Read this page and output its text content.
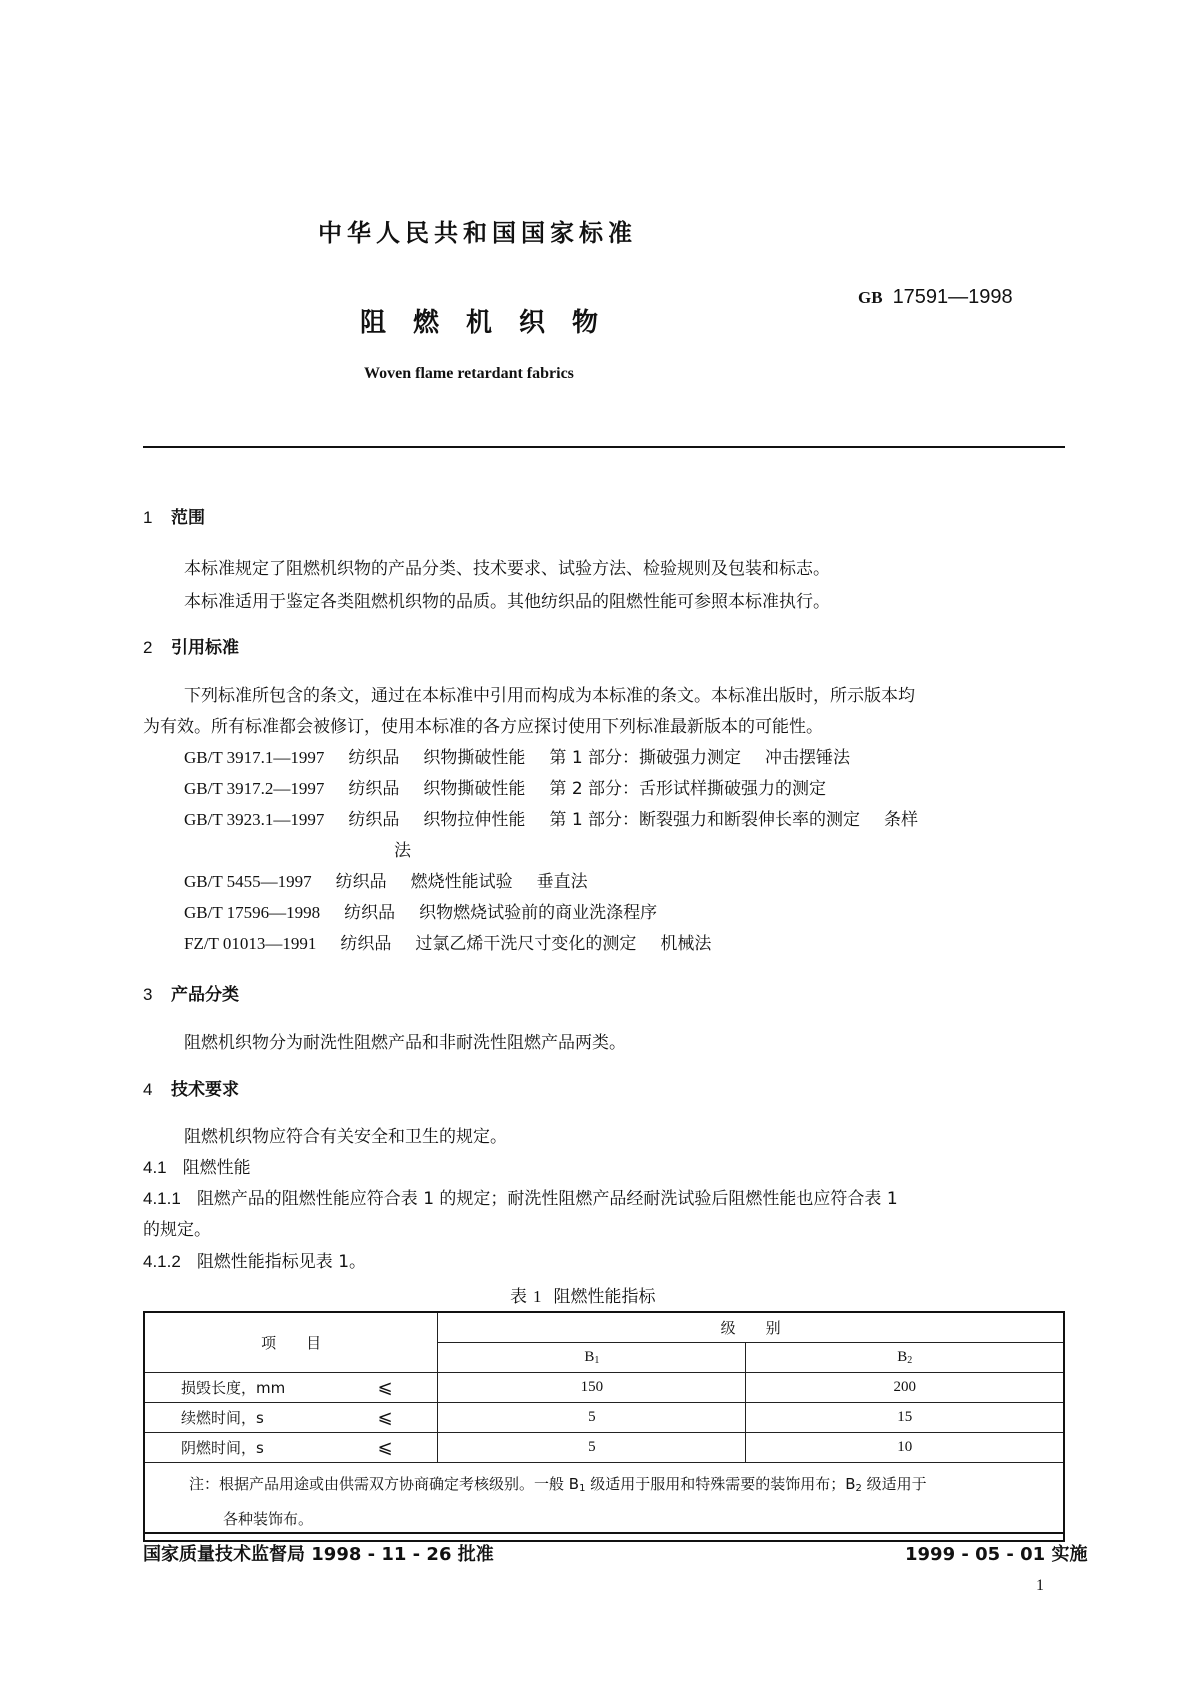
中华人民共和国国家标准
阻燃机织物
Woven flame retardant fabrics
GB 17591—1998
1 范围
本标准规定了阻燃机织物的产品分类、技术要求、试验方法、检验规则及包装和标志。
本标准适用于鉴定各类阻燃机织物的品质。其他纺织品的阻燃性能可参照本标准执行。
2 引用标准
下列标准所包含的条文，通过在本标准中引用而构成为本标准的条文。本标准出版时，所示版本均
为有效。所有标准都会被修订，使用本标准的各方应探讨使用下列标准最新版本的可能性。
GB/T 3917.1—1997 纺织品 织物撕破性能 第 1 部分：撕破强力测定 冲击摆锤法
GB/T 3917.2—1997 纺织品 织物撕破性能 第 2 部分：舌形试样撕破强力的测定
GB/T 3923.1—1997 纺织品 织物拉伸性能 第 1 部分：断裂强力和断裂伸长率的测定 条样
法
GB/T 5455—1997 纺织品 燃烧性能试验 垂直法
GB/T 17596—1998 纺织品 织物燃烧试验前的商业洗涤程序
FZ/T 01013—1991 纺织品 过氯乙烯干洗尺寸变化的测定 机械法
3 产品分类
阻燃机织物分为耐洗性阻燃产品和非耐洗性阻燃产品两类。
4 技术要求
阻燃机织物应符合有关安全和卫生的规定。
4.1 阻燃性能
4.1.1 阻燃产品的阻燃性能应符合表 1 的规定；耐洗性阻燃产品经耐洗试验后阻燃性能也应符合表 1
的规定。
4.1.2 阻燃性能指标见表 1。
表 1 阻燃性能指标
项　　目		级　　别	
		$B_1$	$B_2$
损毁长度，mm	⩽	150	200
续燃时间，s	⩽	5	15
阴燃时间，s	⩽	5	10

注：根据产品用途或由供需双方协商确定考核级别。一般 $B_1$ 级适用于服用和特殊需要的装饰用布；$B_2$ 级适用于
各种装饰布。			
国家质量技术监督局 1998 - 11 - 26 批准	1999 - 05 - 01 实施
1
